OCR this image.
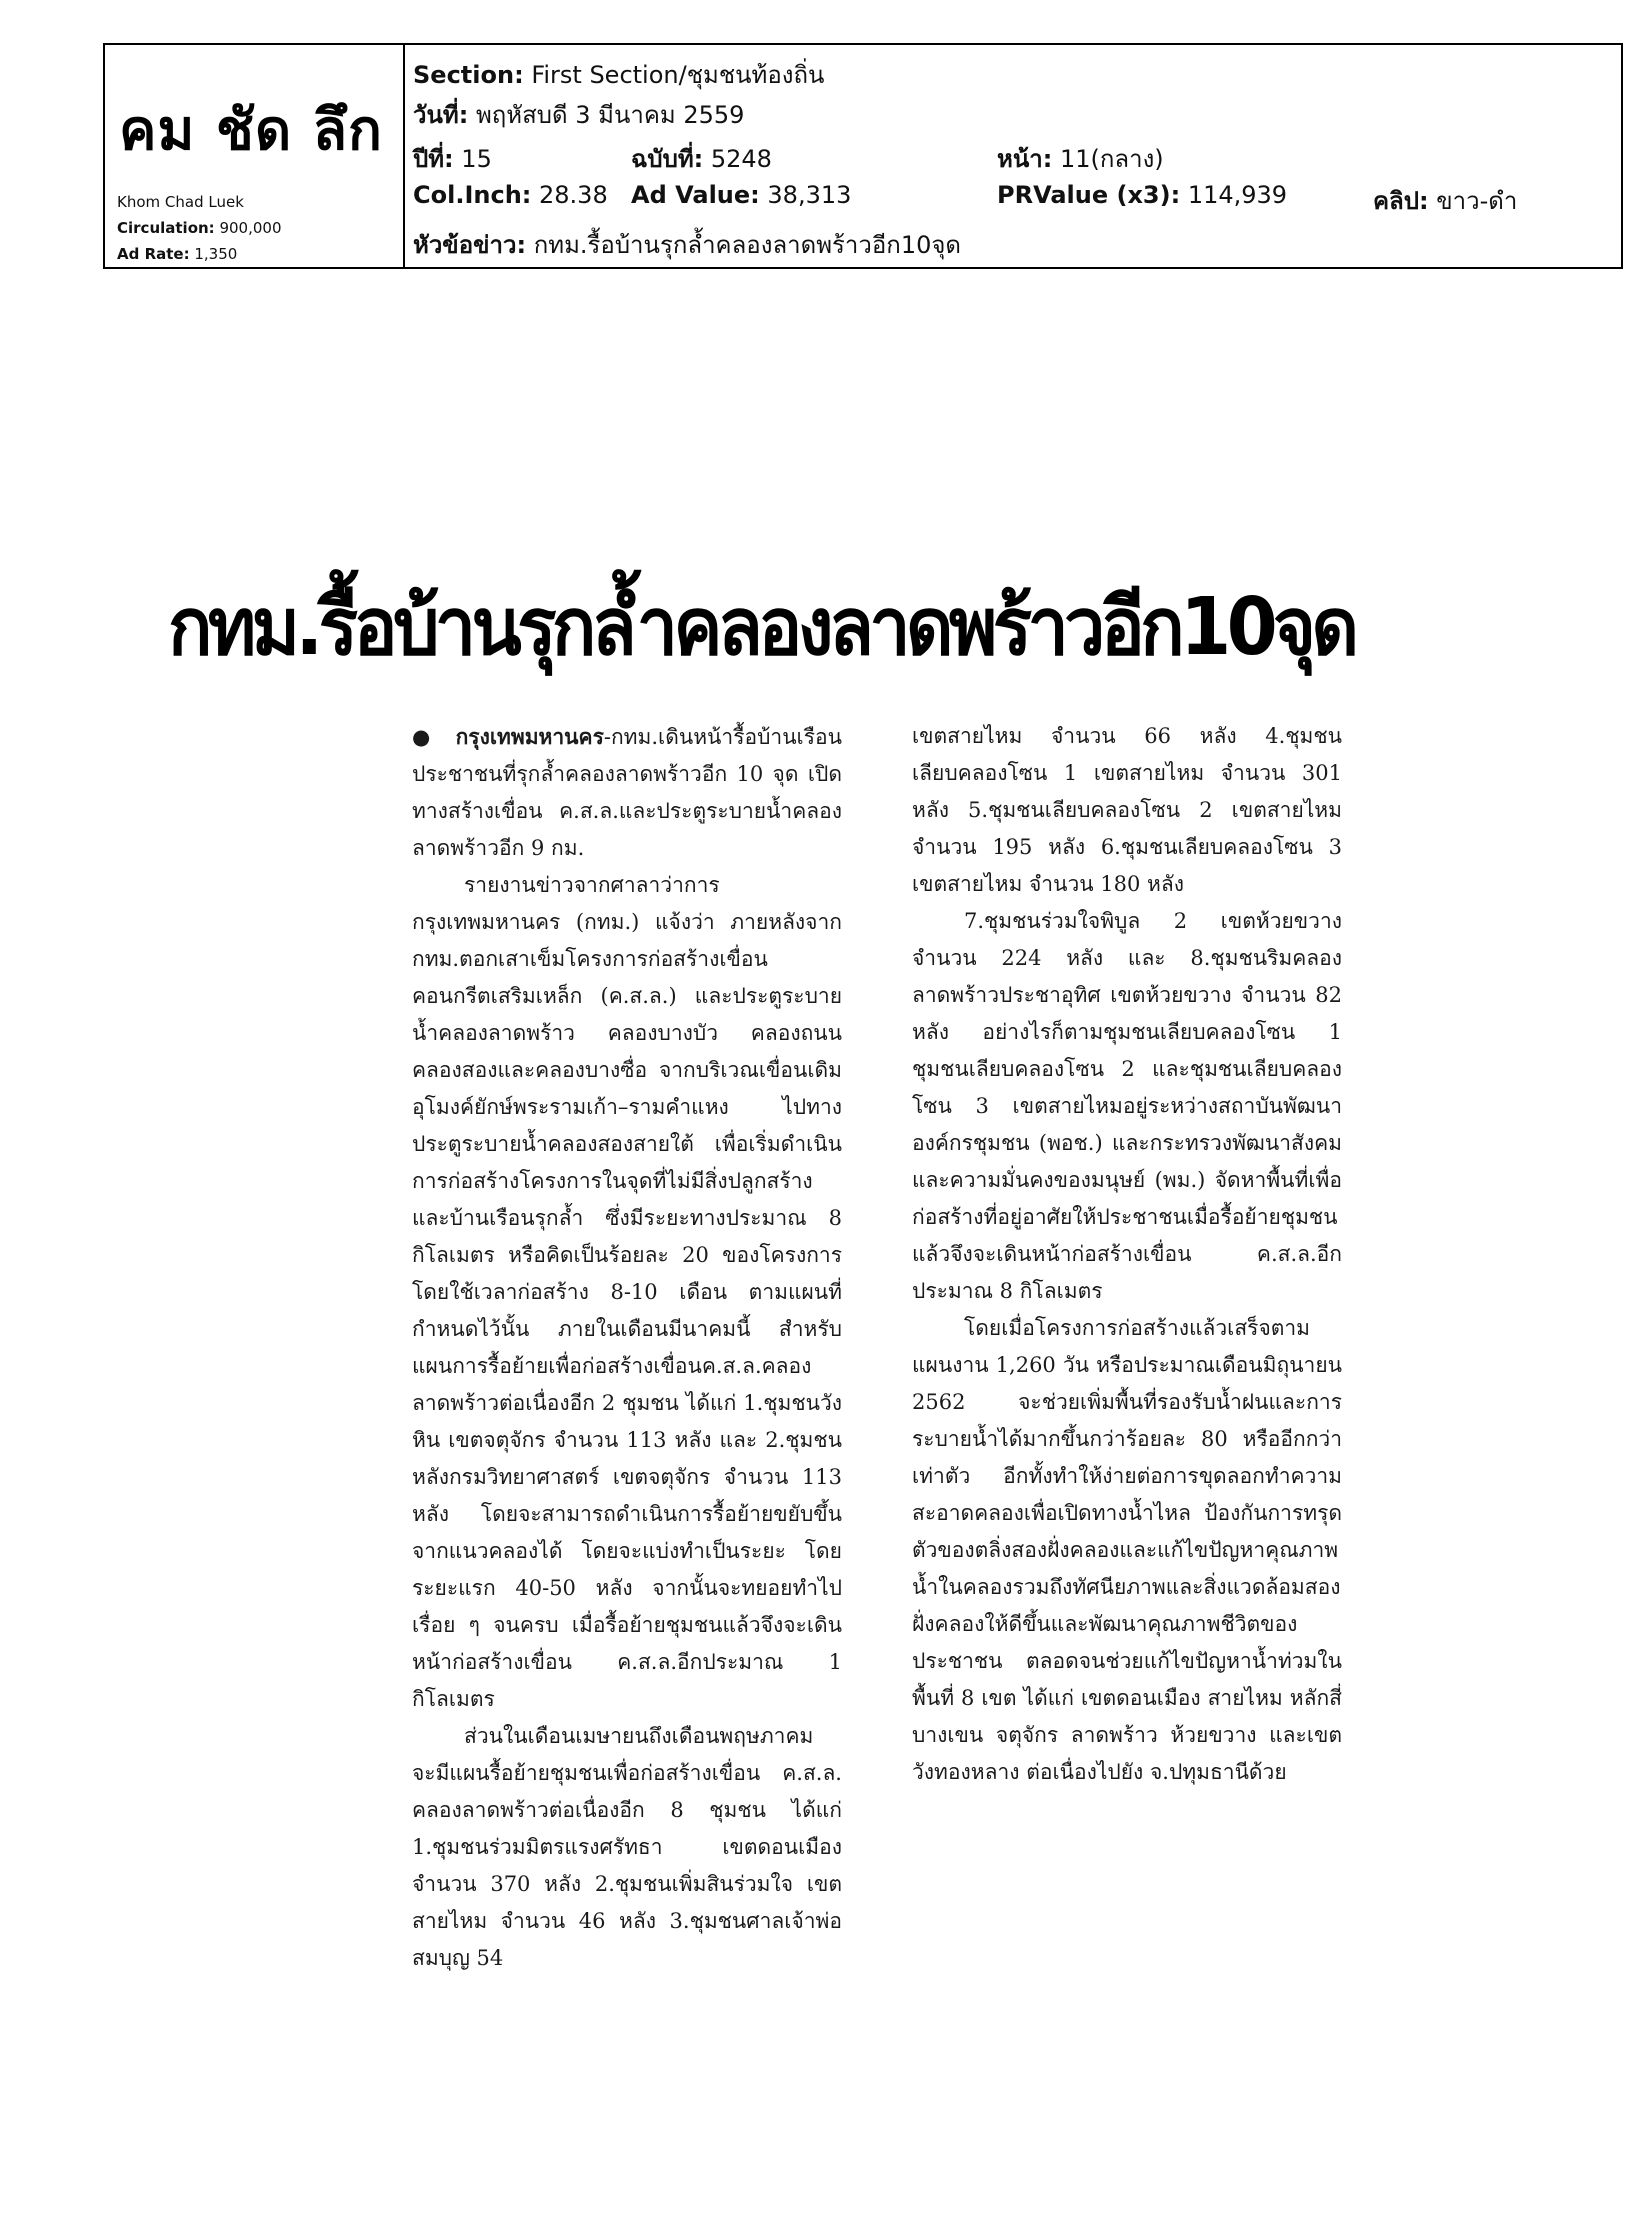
คม ชัด ลึก
Khom Chad Luek
Circulation: 900,000
Ad Rate: 1,350
Section: First Section/ชุมชนท้องถิ่น
วันที่: พฤหัสบดี 3 มีนาคม 2559
ปีที่: 15	ฉบับที่: 5248	หน้า: 11(กลาง)
Col.Inch: 28.38 Ad Value: 38,313	PRValue (x3): 114,939	คลิป: ขาว-ดำ
หัวข้อข่าว: กทม.รื้อบ้านรุกล้ำคลองลาดพร้าวอีก10จุด
กทม.รื้อบ้านรุกล้ำคลองลาดพร้าวอีก10จุด

●กรุงเทพมหานคร-กทม.เดินหน้ารื้อบ้านเรือนประชาชนที่รุกล้ำคลองลาดพร้าวอีก 10 จุด เปิดทางสร้างเขื่อน ค.ส.ล.และประตูระบายน้ำคลองลาดพร้าวอีก 9 กม.

รายงานข่าวจากศาลาว่าการกรุงเทพมหานคร (กทม.) แจ้งว่า ภายหลังจาก กทม.ตอกเสาเข็มโครงการก่อสร้างเขื่อนคอนกรีตเสริมเหล็ก (ค.ส.ล.) และประตูระบายน้ำคลองลาดพร้าว คลองบางบัว คลองถนน คลองสองและคลองบางซื่อ จากบริเวณเขื่อนเดิมอุโมงค์ยักษ์พระรามเก้า–รามคำแหง ไปทางประตูระบายน้ำคลองสองสายใต้ เพื่อเริ่มดำเนินการก่อสร้างโครงการในจุดที่ไม่มีสิ่งปลูกสร้างและบ้านเรือนรุกล้ำ ซึ่งมีระยะทางประมาณ 8 กิโลเมตร หรือคิดเป็นร้อยละ 20 ของโครงการ โดยใช้เวลาก่อสร้าง 8-10 เดือน ตามแผนที่กำหนดไว้นั้น ภายในเดือนมีนาคมนี้ สำหรับแผนการรื้อย้ายเพื่อก่อสร้างเขื่อนค.ส.ล.คลองลาดพร้าวต่อเนื่องอีก 2 ชุมชน ได้แก่ 1.ชุมชนวังหิน เขตจตุจักร จำนวน 113 หลัง และ 2.ชุมชนหลังกรมวิทยาศาสตร์ เขตจตุจักร จำนวน 113 หลัง โดยจะสามารถดำเนินการรื้อย้ายขยับขึ้นจากแนวคลองได้ โดยจะแบ่งทำเป็นระยะ โดยระยะแรก 40-50 หลัง จากนั้นจะทยอยทำไปเรื่อย ๆ จนครบ เมื่อรื้อย้ายชุมชนแล้วจึงจะเดินหน้าก่อสร้างเขื่อน ค.ส.ล.อีกประมาณ 1 กิโลเมตร

ส่วนในเดือนเมษายนถึงเดือนพฤษภาคม จะมีแผนรื้อย้ายชุมชนเพื่อก่อสร้างเขื่อน ค.ส.ล. คลองลาดพร้าวต่อเนื่องอีก 8 ชุมชน ได้แก่ 1.ชุมชนร่วมมิตรแรงศรัทธา เขตดอนเมือง จำนวน 370 หลัง 2.ชุมชนเพิ่มสินร่วมใจ เขตสายไหม จำนวน 46 หลัง 3.ชุมชนศาลเจ้าพ่อสมบุญ 54

เขตสายไหม จำนวน 66 หลัง 4.ชุมชนเลียบคลองโซน 1 เขตสายไหม จำนวน 301 หลัง 5.ชุมชนเลียบคลองโซน 2 เขตสายไหม จำนวน 195 หลัง 6.ชุมชนเลียบคลองโซน 3 เขตสายไหม จำนวน 180 หลัง

7.ชุมชนร่วมใจพิบูล 2 เขตห้วยขวาง จำนวน 224 หลัง และ 8.ชุมชนริมคลองลาดพร้าวประชาอุทิศ เขตห้วยขวาง จำนวน 82 หลัง อย่างไรก็ตามชุมชนเลียบคลองโซน 1 ชุมชนเลียบคลองโซน 2 และชุมชนเลียบคลองโซน 3 เขตสายไหมอยู่ระหว่างสถาบันพัฒนาองค์กรชุมชน (พอช.) และกระทรวงพัฒนาสังคมและความมั่นคงของมนุษย์ (พม.) จัดหาพื้นที่เพื่อก่อสร้างที่อยู่อาศัยให้ประชาชนเมื่อรื้อย้ายชุมชนแล้วจึงจะเดินหน้าก่อสร้างเขื่อน ค.ส.ล.อีกประมาณ 8 กิโลเมตร

โดยเมื่อโครงการก่อสร้างแล้วเสร็จตามแผนงาน 1,260 วัน หรือประมาณเดือนมิถุนายน 2562 จะช่วยเพิ่มพื้นที่รองรับน้ำฝนและการระบายน้ำได้มากขึ้นกว่าร้อยละ 80 หรืออีกกว่าเท่าตัว อีกทั้งทำให้ง่ายต่อการขุดลอกทำความสะอาดคลองเพื่อเปิดทางน้ำไหล ป้องกันการทรุดตัวของตลิ่งสองฝั่งคลองและแก้ไขปัญหาคุณภาพน้ำในคลองรวมถึงทัศนียภาพและสิ่งแวดล้อมสองฝั่งคลองให้ดีขึ้นและพัฒนาคุณภาพชีวิตของประชาชน ตลอดจนช่วยแก้ไขปัญหาน้ำท่วมในพื้นที่ 8 เขต ได้แก่ เขตดอนเมือง สายไหม หลักสี่ บางเขน จตุจักร ลาดพร้าว ห้วยขวาง และเขตวังทองหลาง ต่อเนื่องไปยัง จ.ปทุมธานีด้วย
